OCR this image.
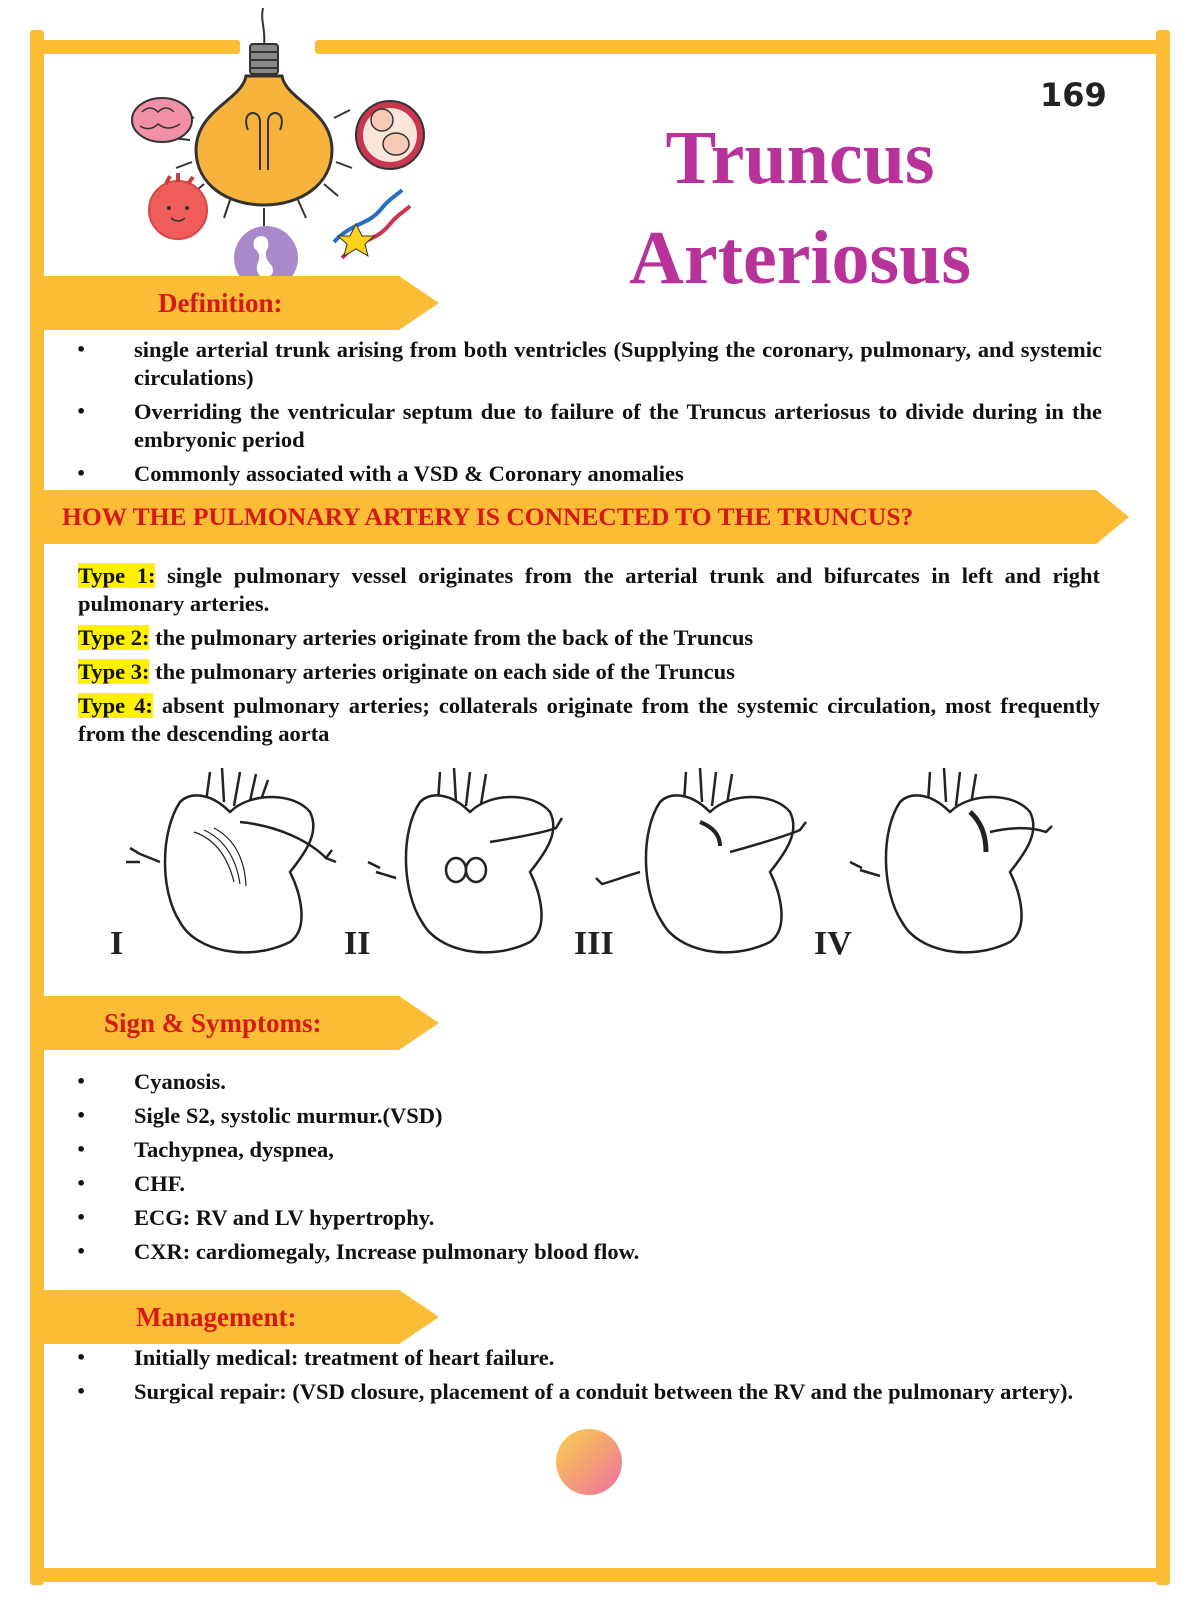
169
Truncus
Arteriosus
Definition:
• single arterial trunk arising from both ventricles (Supplying the coronary, pulmonary, and systemic circulations)
• Overriding the ventricular septum due to failure of the Truncus arteriosus to divide during in the embryonic period
• Commonly associated with a VSD & Coronary anomalies
HOW THE PULMONARY ARTERY IS CONNECTED TO THE TRUNCUS?

Type 1: single pulmonary vessel originates from the arterial trunk and bifurcates in left and right pulmonary arteries.

Type 2: the pulmonary arteries originate from the back of the Truncus

Type 3: the pulmonary arteries originate on each side of the Truncus

Type 4: absent pulmonary arteries; collaterals originate from the systemic circulation, most frequently from the descending aorta

I	II	III	IV
Sign & Symptoms:
• Cyanosis.
• Sigle S2, systolic murmur.(VSD)
• Tachypnea, dyspnea,
• CHF.
• ECG: RV and LV hypertrophy.
• CXR: cardiomegaly, Increase pulmonary blood flow.
Management:
• Initially medical: treatment of heart failure.
• Surgical repair: (VSD closure, placement of a conduit between the RV and the pulmonary artery).
